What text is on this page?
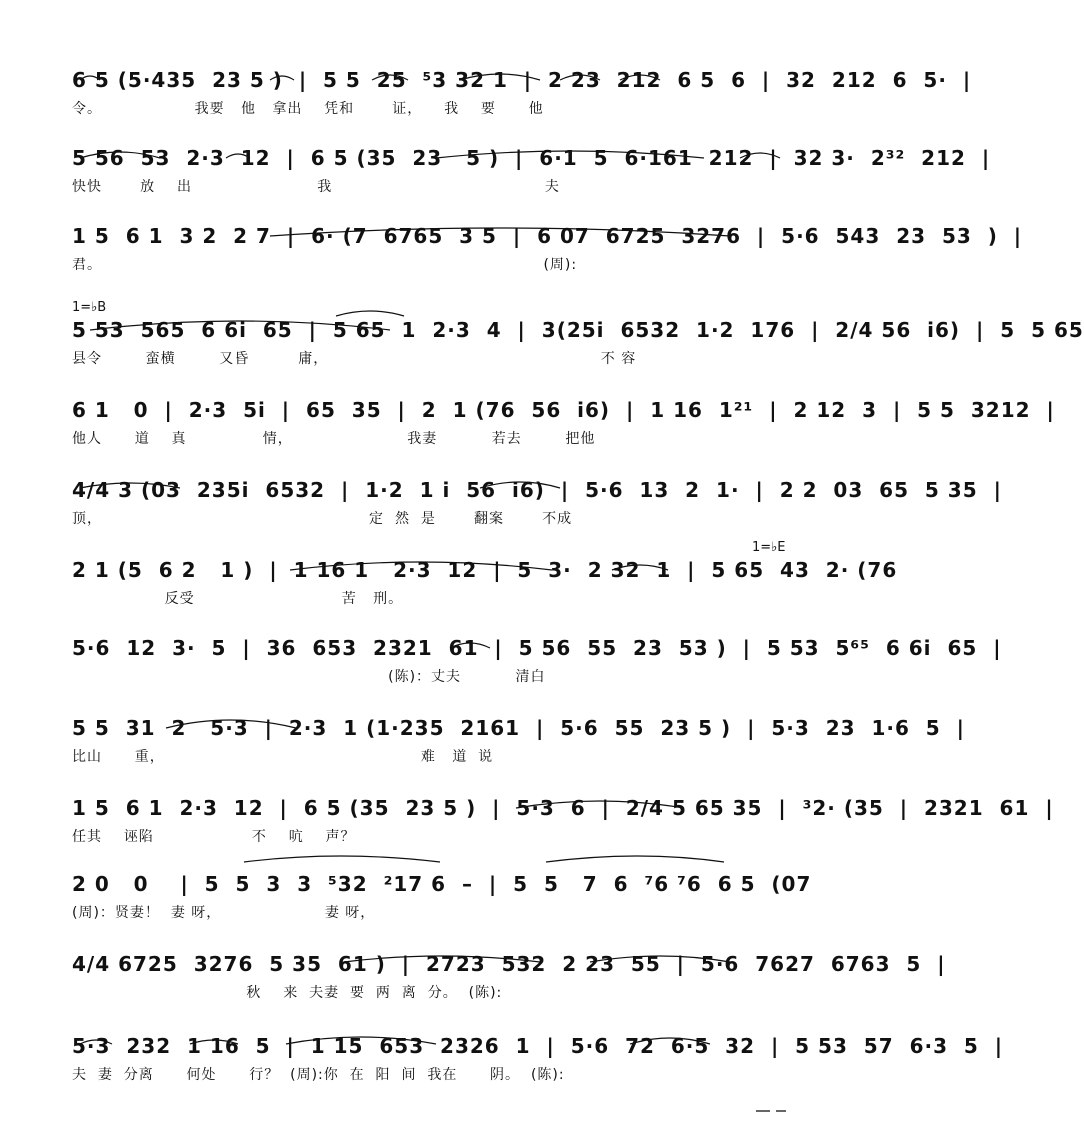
6 5 (5·435  23 5 )  |  5 5  25  ⁵3 32 1  |  2 23  212  6 5  6  |  32  212  6  5·  |
令。                 我要   他   拿出    凭和       证，    我    要      他
5 56  53  2·3  12  |  6 5 (35  23   5 )  |  6·1  5  6·161  212  |  32 3·  2³²  212  |
快快       放    出                       我                                       夫
1 5  6 1  3 2  2 7  |  6· (7  6765  3 5  |  6 07  6725  3276  |  5·6  543  23  53  )  |
君。                                                                                 (周):
1=♭B
5 53  565  6 6i  65  |  5 65  1  2·3  4  |  3(25i  6532  1·2  176  |  2/4 56  i6)  |  5  5 65
县令        蛮横        又昏         庸，                                                  不 容
6 1   0  |  2·3  5i  |  65  35  |  2  1 (76  56  i6)  |  1 16  1²¹  |  2 12  3  |  5 5  3212  |
他人      道    真              情，                     我妻          若去        把他
4/4 3 (03  235i  6532  |  1·2  1 i  56  i6)  |  5·6  13  2  1·  |  2 2  03  65  5 35  |
顶，                                                 定  然  是       翻案       不成
1=♭E
2 1 (5  6 2   1 )  |  1 16 1   2·3  12  |  5  3·  2 32  1  |  5 65  43  2· (76
反受                           苦   刑。
5·6  12  3·  5  |  36  653  2321  61  |  5 56  55  23  53 )  |  5 53  5⁶⁵  6 6i  65  |
(陈)：丈夫          清白
5 5  31  2   5·3  |  2·3  1 (1·235  2161  |  5·6  55  23 5 )  |  5·3  23  1·6  5  |
比山      重，                                               难   道  说
1 5  6 1  2·3  12  |  6 5 (35  23 5 )  |  5·3  6  |  2/4 5 65 35  |  ³2· (35  |  2321  61  |
任其    诬陷                  不    吭    声？
2 0   0    |  5  5  3  3  ⁵32  ²17 6  –  |  5  5   7  6  ⁷6 ⁷6  6 5  (07
(周)：贤妻！  妻 呀，                   妻 呀，
4/4 6725  3276  5 35  61 )  |  2723  532  2 23  55  |  5·6  7627  6763  5  |
秋    来  夫妻  要  两  离  分。  (陈):
5·3  232  1 16  5  |  1 15  653  2326  1  |  5·6  72  6·5  32  |  5 53  57  6·3  5  |
夫  妻  分离      何处      行？  (周):你  在  阳  间  我在      阴。  (陈):
